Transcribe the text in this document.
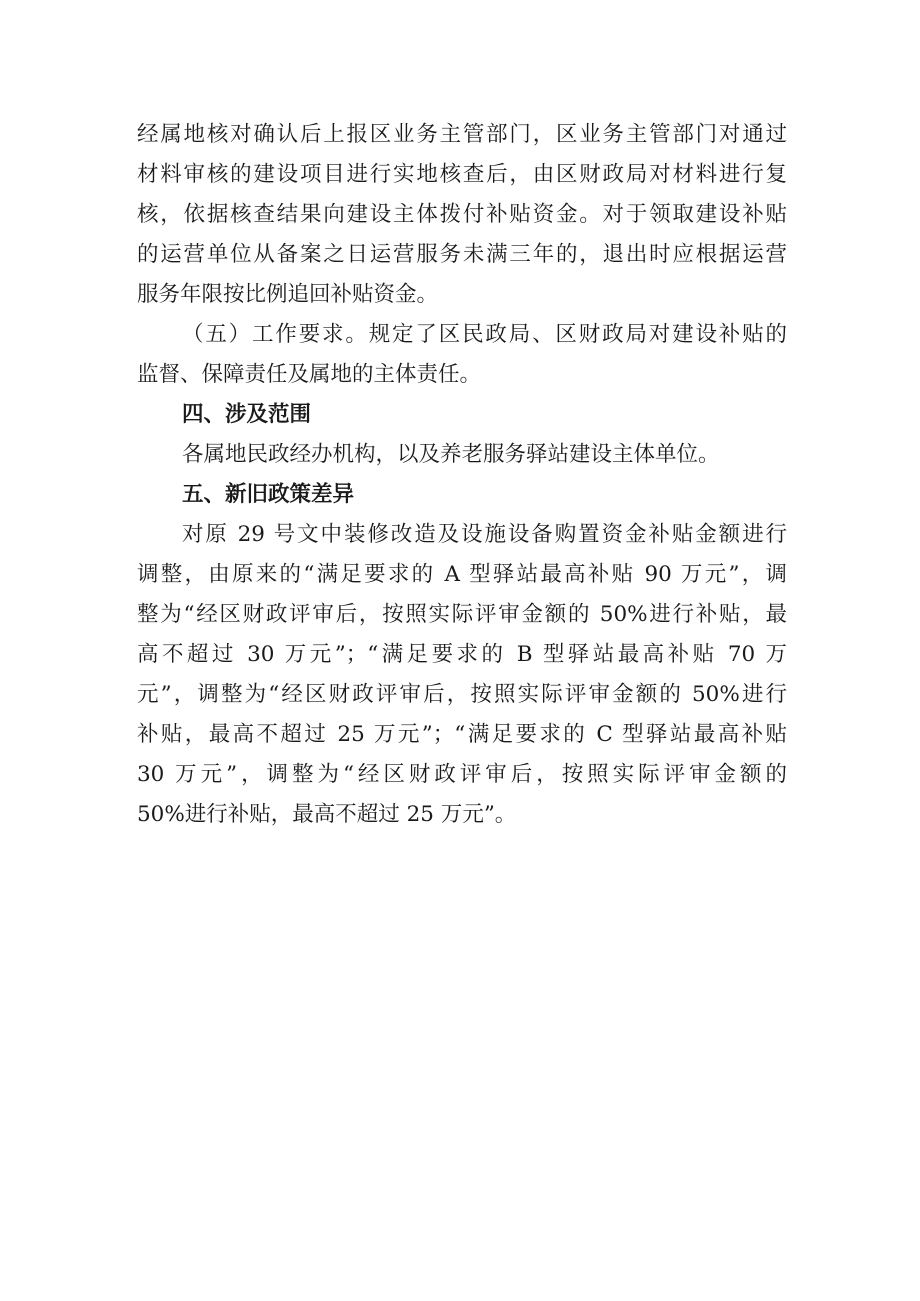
经属地核对确认后上报区业务主管部门，区业务主管部门对通过
材料审核的建设项目进行实地核查后，由区财政局对材料进行复
核，依据核查结果向建设主体拨付补贴资金。对于领取建设补贴
的运营单位从备案之日运营服务未满三年的，退出时应根据运营
服务年限按比例追回补贴资金。
（五）工作要求。规定了区民政局、区财政局对建设补贴的
监督、保障责任及属地的主体责任。
四、涉及范围
各属地民政经办机构，以及养老服务驿站建设主体单位。
五、新旧政策差异
对原 29 号文中装修改造及设施设备购置资金补贴金额进行
调整，由原来的“满足要求的 A 型驿站最高补贴 90 万元”，调
整为“经区财政评审后，按照实际评审金额的 50%进行补贴，最
高不超过 30 万元”；“满足要求的 B 型驿站最高补贴 70 万
元”，调整为“经区财政评审后，按照实际评审金额的 50%进行
补贴，最高不超过 25 万元”；“满足要求的 C 型驿站最高补贴
30 万元”，调整为“经区财政评审后，按照实际评审金额的
50%进行补贴，最高不超过 25 万元”。
